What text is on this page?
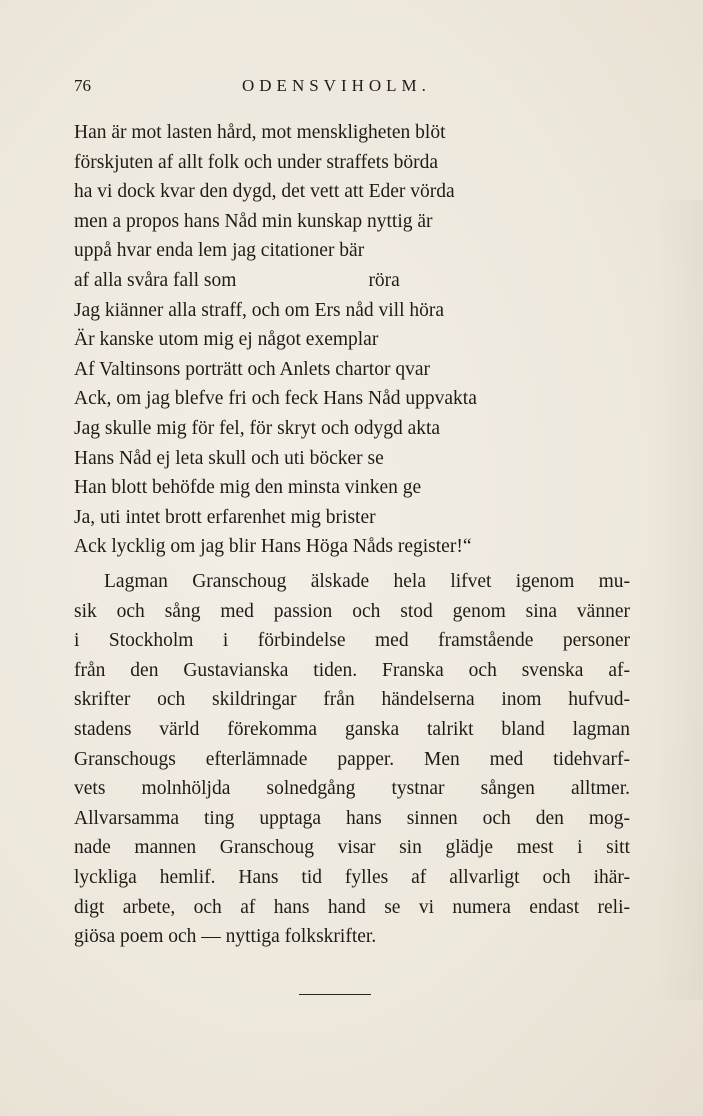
76	ODENSVIHOLM.
Han är mot lasten hård, mot menskligheten blöt
förskjuten af allt folk och under straffets börda
ha vi dock kvar den dygd, det vett att Eder vörda
men a propos hans Nåd min kunskap nyttig är
uppå hvar enda lem jag citationer bär
af alla svåra fall som	röra
Jag kiänner alla straff, och om Ers nåd vill höra
Är kanske utom mig ej något exemplar
Af Valtinsons porträtt och Anlets chartor qvar
Ack, om jag blefve fri och feck Hans Nåd uppvakta
Jag skulle mig för fel, för skryt och odygd akta
Hans Nåd ej leta skull och uti böcker se
Han blott behöfde mig den minsta vinken ge
Ja, uti intet brott erfarenhet mig brister
Ack lycklig om jag blir Hans Höga Nåds register!“
Lagman Granschoug älskade hela lifvet igenom mu-
sik och sång med passion och stod genom sina vänner
i Stockholm i förbindelse med framstående personer
från den Gustavianska tiden. Franska och svenska af-
skrifter och skildringar från händelserna inom hufvud-
stadens värld förekomma ganska talrikt bland lagman
Granschougs efterlämnade papper. Men med tidehvarf-
vets molnhöljda solnedgång tystnar sången alltmer.
Allvarsamma ting upptaga hans sinnen och den mog-
nade mannen Granschoug visar sin glädje mest i sitt
lyckliga hemlif. Hans tid fylles af allvarligt och ihär-
digt arbete, och af hans hand se vi numera endast reli-
giösa poem och — nyttiga folkskrifter.
